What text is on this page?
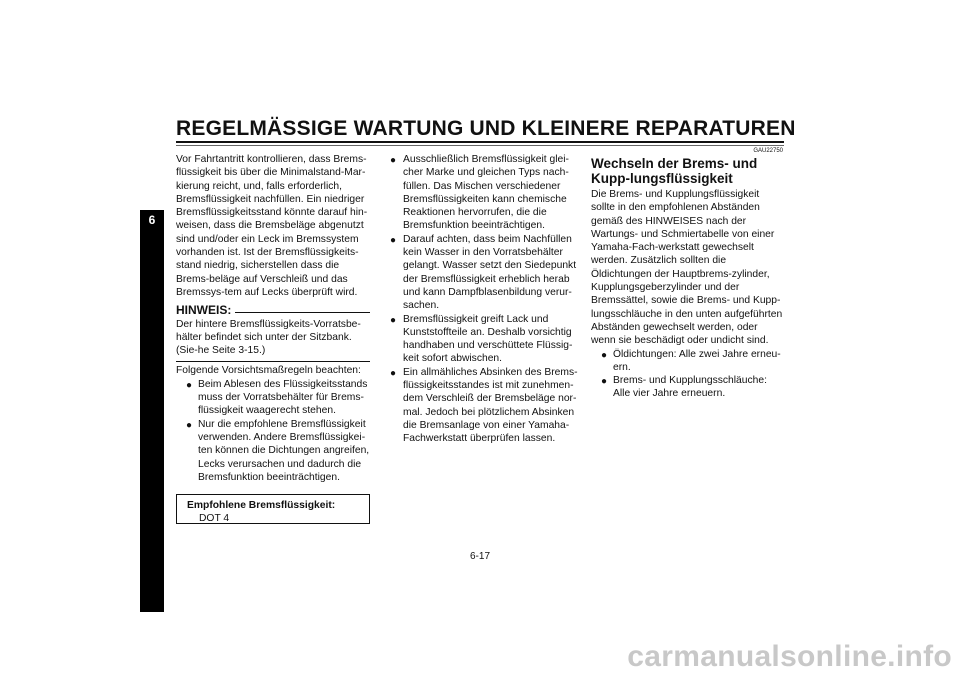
REGELMÄSSIGE WARTUNG UND KLEINERE REPARATUREN
6

Vor Fahrtantritt kontrollieren, dass Brems-flüssigkeit bis über die Minimalstand-Mar-kierung reicht, und, falls erforderlich, Bremsflüssigkeit nachfüllen. Ein niedriger Bremsflüssigkeitsstand könnte darauf hin-weisen, dass die Bremsbeläge abgenutzt sind und/oder ein Leck im Bremssystem vorhanden ist. Ist der Bremsflüssigkeits-stand niedrig, sicherstellen dass die Brems-beläge auf Verschleiß und das Bremssys-tem auf Lecks überprüft wird.

HINWEIS:

Der hintere Bremsflüssigkeits-Vorratsbe-hälter befindet sich unter der Sitzbank. (Sie-he Seite 3-15.)

Folgende Vorsichtsmaßregeln beachten:

● Beim Ablesen des Flüssigkeitsstands muss der Vorratsbehälter für Brems-flüssigkeit waagerecht stehen.
● Nur die empfohlene Bremsflüssigkeit verwenden. Andere Bremsflüssigkei-ten können die Dichtungen angreifen, Lecks verursachen und dadurch die Bremsfunktion beeinträchtigen.
Empfohlene Bremsflüssigkeit:
DOT 4
● Ausschließlich Bremsflüssigkeit glei-cher Marke und gleichen Typs nach-füllen. Das Mischen verschiedener Bremsflüssigkeiten kann chemische Reaktionen hervorrufen, die die Bremsfunktion beeinträchtigen.
● Darauf achten, dass beim Nachfüllen kein Wasser in den Vorratsbehälter gelangt. Wasser setzt den Siedepunkt der Bremsflüssigkeit erheblich herab und kann Dampfblasenbildung verur-sachen.
● Bremsflüssigkeit greift Lack und Kunststoffteile an. Deshalb vorsichtig handhaben und verschüttete Flüssig-keit sofort abwischen.
● Ein allmähliches Absinken des Brems-flüssigkeitsstandes ist mit zunehmen-dem Verschleiß der Bremsbeläge nor-mal. Jedoch bei plötzlichem Absinken die Bremsanlage von einer Yamaha-Fachwerkstatt überprüfen lassen.
GAU22750
Wechseln der Brems- und Kupp-lungsflüssigkeit

Die Brems- und Kupplungsflüssigkeit sollte in den empfohlenen Abständen gemäß des HINWEISES nach der Wartungs- und Schmiertabelle von einer Yamaha-Fach-werkstatt gewechselt werden. Zusätzlich sollten die Öldichtungen der Hauptbrems-zylinder, Kupplungsgeberzylinder und der Bremssättel, sowie die Brems- und Kupp-lungsschläuche in den unten aufgeführten Abständen gewechselt werden, oder wenn sie beschädigt oder undicht sind.

● Öldichtungen: Alle zwei Jahre erneu-ern.
● Brems- und Kupplungsschläuche: Alle vier Jahre erneuern.
6-17
carmanualsonline.info
